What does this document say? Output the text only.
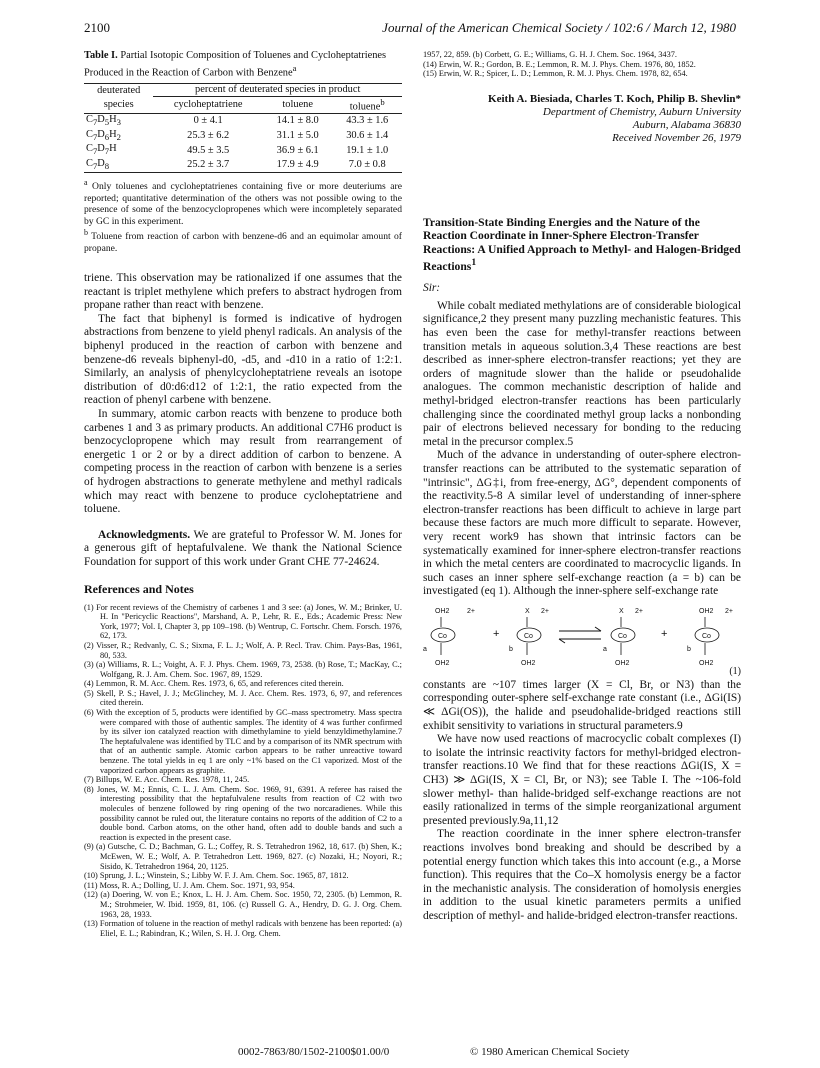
2100	Journal of the American Chemical Society / 102:6 / March 12, 1980
Table I. Partial Isotopic Composition of Toluenes and Cycloheptatrienes Produced in the Reaction of Carbon with Benzene$^a$
deuterated	percent of deuterated species in product		
species	cycloheptatriene	toluene	toluene$^b$
$C_7D_5H_3$	0 ± 4.1	14.1 ± 8.0	43.3 ± 1.6
$C_7D_6H_2$	25.3 ± 6.2	31.1 ± 5.0	30.6 ± 1.4
$C_7D_7H$	49.5 ± 3.5	36.9 ± 6.1	19.1 ± 1.0
$C_7D_8$	25.2 ± 3.7	17.9 ± 4.9	7.0 ± 0.8
$^a$ Only toluenes and cycloheptatrienes containing five or more deuteriums are reported; quantitative determination of the others was not possible owing to the presence of some of the benzocyclopropenes which were incompletely separated by GC in this experiment.
$^b$ Toluene from reaction of carbon with benzene-d6 and an equimolar amount of propane.

triene. This observation may be rationalized if one assumes that the reactant is triplet methylene which prefers to abstract hydrogen from propane rather than react with benzene.

The fact that biphenyl is formed is indicative of hydrogen abstractions from benzene to yield phenyl radicals. An analysis of the biphenyl produced in the reaction of carbon with benzene and benzene-d6 reveals biphenyl-d0, -d5, and -d10 in a ratio of 1:2:1. Similarly, an analysis of phenylcycloheptatriene reveals an isotope distribution of d0:d6:d12 of 1:2:1, the ratio expected from the reaction of phenyl carbene with benzene.

In summary, atomic carbon reacts with benzene to produce both carbenes 1 and 3 as primary products. An additional C7H6 product is benzocyclopropene which may result from rearrangement of energetic 1 or 2 or by a direct addition of carbon to benzene. A competing process in the reaction of carbon with benzene is a series of hydrogen abstractions to generate methylene and methyl radicals which may react with benzene to produce cycloheptatriene and toluene.

Acknowledgments. We are grateful to Professor W. M. Jones for a generous gift of heptafulvalene. We thank the National Science Foundation for support of this work under Grant CHE 77-24624.

References and Notes
(1) For recent reviews of the Chemistry of carbenes 1 and 3 see: (a) Jones, W. M.; Brinker, U. H. In "Pericyclic Reactions", Marshand, A. P., Lehr, R. E., Eds.; Academic Press: New York, 1977; Vol. I, Chapter 3, pp 109–198. (b) Wentrup, C. Fortschr. Chem. Forsch. 1976, 62, 173.
(2) Visser, R.; Redvanly, C. S.; Sixma, F. L. J.; Wolf, A. P. Recl. Trav. Chim. Pays-Bas, 1961, 80, 533.
(3) (a) Williams, R. L.; Voight, A. F. J. Phys. Chem. 1969, 73, 2538. (b) Rose, T.; MacKay, C.; Wolfgang, R. J. Am. Chem. Soc. 1967, 89, 1529.
(4) Lemmon, R. M. Acc. Chem. Res. 1973, 6, 65, and references cited therein.
(5) Skell, P. S.; Havel, J. J.; McGlinchey, M. J. Acc. Chem. Res. 1973, 6, 97, and references cited therein.
(6) With the exception of 5, products were identified by GC–mass spectrometry. Mass spectra were compared with those of authentic samples. The identity of 4 was further confirmed by its silver ion catalyzed reaction with dimethylamine to yield benzyldimethylamine.7 The heptafulvalene was identified by TLC and by a comparison of its NMR spectrum with that of an authentic sample. Atomic carbon appears to be rather unreactive toward benzene. The total yields in eq 1 are only ~1% based on the C1 vaporized. Most of the vaporized carbon appears as graphite.
(7) Billups, W. E. Acc. Chem. Res. 1978, 11, 245.
(8) Jones, W. M.; Ennis, C. L. J. Am. Chem. Soc. 1969, 91, 6391. A referee has raised the interesting possibility that the heptafulvalene results from reaction of C2 with two molecules of benzene followed by ring opening of the two norcaradienes. While this possibility cannot be ruled out, the literature contains no reports of the addition of C2 to a double bond. Carbon atoms, on the other hand, often add to double bands and such a reaction is expected in the present case.
(9) (a) Gutsche, C. D.; Bachman, G. L.; Coffey, R. S. Tetrahedron 1962, 18, 617. (b) Shen, K.; McEwen, W. E.; Wolf, A. P. Tetrahedron Lett. 1969, 827. (c) Nozaki, H.; Noyori, R.; Sisido, K. Tetrahedron 1964, 20, 1125.
(10) Sprung, J. L.; Winstein, S.; Libby W. F. J. Am. Chem. Soc. 1965, 87, 1812.
(11) Moss, R. A.; Dolling, U. J. Am. Chem. Soc. 1971, 93, 954.
(12) (a) Doering, W. von E.; Knox, L. H. J. Am. Chem. Soc. 1950, 72, 2305. (b) Lemmon, R. M.; Strohmeier, W. Ibid. 1959, 81, 106. (c) Russell G. A., Hendry, D. G. J. Org. Chem. 1963, 28, 1933.
(13) Formation of toluene in the reaction of methyl radicals with benzene has been reported: (a) Eliel, E. L.; Rabindran, K.; Wilen, S. H. J. Org. Chem.
1957, 22, 859. (b) Corbett, G. E.; Williams, G. H. J. Chem. Soc. 1964, 3437.
(14) Erwin, W. R.; Gordon, B. E.; Lemmon, R. M. J. Phys. Chem. 1976, 80, 1852.
(15) Erwin, W. R.; Spicer, L. D.; Lemmon, R. M. J. Phys. Chem. 1978, 82, 654.
Keith A. Biesiada, Charles T. Koch, Philip B. Shevlin*
Department of Chemistry, Auburn University
Auburn, Alabama 36830
Received November 26, 1979
Transition-State Binding Energies and the Nature of the Reaction Coordinate in Inner-Sphere Electron-Transfer Reactions: A Unified Approach to Methyl- and Halogen-Bridged Reactions$^1$
Sir:

While cobalt mediated methylations are of considerable biological significance,2 they present many puzzling mechanistic features. This has even been the case for methyl-transfer reactions between transition metals in aqueous solution.3,4 These reactions are best described as inner-sphere electron-transfer reactions; yet they are orders of magnitude slower than the halide or pseudohalide analogues. The common mechanistic description of halide and methyl-bridged electron-transfer reactions has been particularly challenging since the coordinated methyl group lacks a nonbonding pair of electrons believed necessary for bonding to the reducing metal in the precursor complex.5

Much of the advance in understanding of outer-sphere electron-transfer reactions can be attributed to the systematic separation of "intrinsic", ΔG‡i, from free-energy, ΔG°, dependent components of the reactivity.5-8 A similar level of understanding of inner-sphere electron-transfer reactions has been difficult to achieve in large part because these factors are much more difficult to separate. However, very recent work9 has shown that intrinsic factors can be systematically examined for inner-sphere electron-transfer reactions in which the metal centers are coordinated to macrocyclic ligands. In such cases an inner sphere self-exchange reaction (a = b) can be investigated (eq 1). Although the inner-sphere self-exchange rate

OH2	2+
Co
OH2
a
+
X 2+
Co
OH2
b
X 2+
Co
OH2
a
+
OH2 2+
Co
OH2
b
(1)

constants are ~107 times larger (X = Cl, Br, or N3) than the corresponding outer-sphere self-exchange rate constant (i.e., ΔGi(IS) ≪ ΔGi(OS)), the halide and pseudohalide-bridged reactions still exhibit sensitivity to variations in structural parameters.9

We have now used reactions of macrocyclic cobalt complexes (I) to isolate the intrinsic reactivity factors for methyl-bridged electron-transfer reactions.10 We find that for these reactions ΔGi(IS, X = CH3) ≫ ΔGi(IS, X = Cl, Br, or N3); see Table I. The ~106-fold slower methyl- than halide-bridged self-exchange reactions are not easily rationalized in terms of the simple reorganizational argument presented previously.9a,11,12

The reaction coordinate in the inner sphere electron-transfer reactions involves bond breaking and should be described by a potential energy function which takes this into account (e.g., a Morse function). This requires that the Co–X homolysis energy be a factor in the mechanistic analysis. The consideration of homolysis energies in addition to the usual kinetic parameters permits a unified description of methyl- and halide-bridged electron-transfer reactions.

0002-7863/80/1502-2100$01.00/0	© 1980 American Chemical Society
